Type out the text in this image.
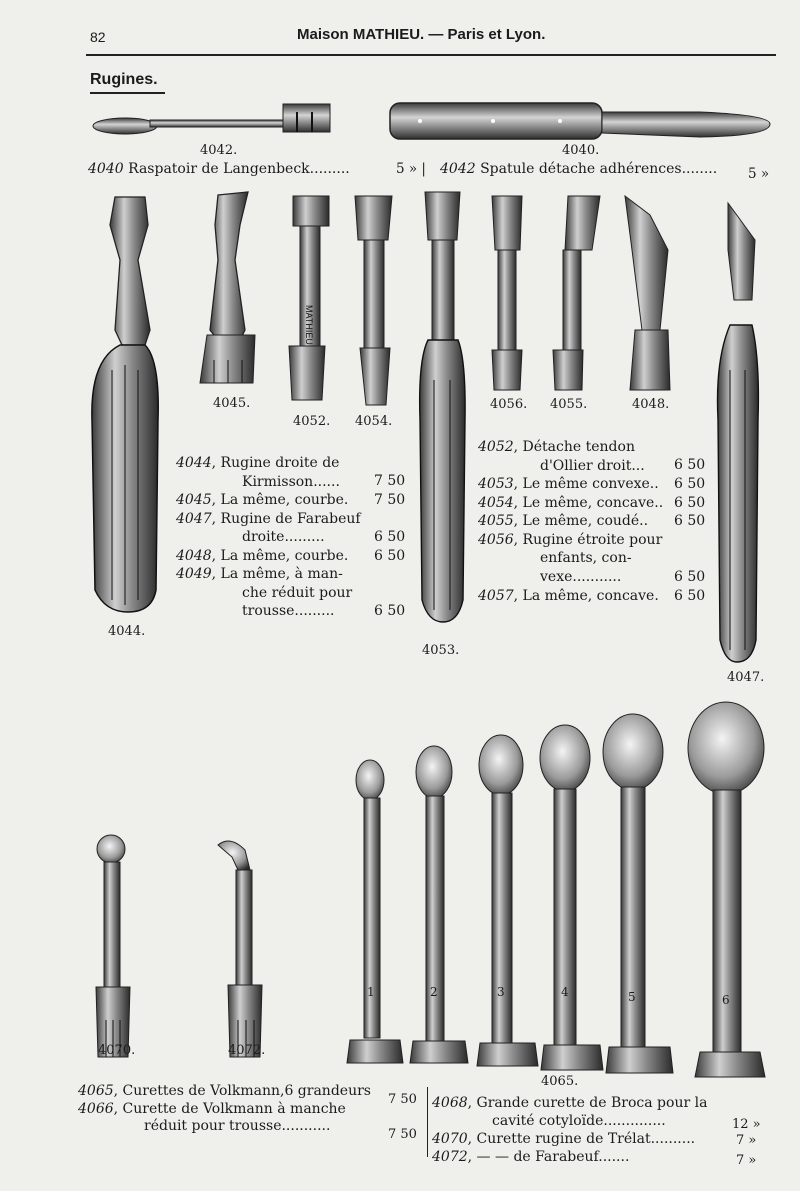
82	Maison MATHIEU. — Paris et Lyon.
Rugines.
MATHIEU
1	2	3	4	5	6
4042.	4040.
4040 Raspatoir de Langenbeck.........	5 » | 4042 Spatule détache adhérences........ 5 »
4044.
4045.
4052. 4054.
4053.
4056. 4055.	4048.
4047.
4044, Rugine droite de
Kirmisson...... 7 50
4045, La même, courbe. 7 50
4047, Rugine de Farabeuf
droite.........	6 50
4048, La même, courbe. 6 50
4049, La même, à man-
che réduit pour
trousse.........	6 50
4052, Détache tendon
d'Ollier droit... 6 50
4053, Le même convexe.. 6 50
4054, Le même, concave.. 6 50
4055, Le même, coudé.. 6 50
4056, Rugine étroite pour
enfants, con-
vexe...........	6 50
4057, La même, concave. 6 50
4070.	4072.
4065.
4065, Curettes de Volkmann,6 grandeurs
7 50
4066, Curette de Volkmann à manche
réduit pour trousse...........	7 50
4068, Grande curette de Broca pour la
cavité cotyloïde..............	12 »
4070, Curette rugine de Trélat..........	7 »
4072, — — de Farabeuf.......	7 »
